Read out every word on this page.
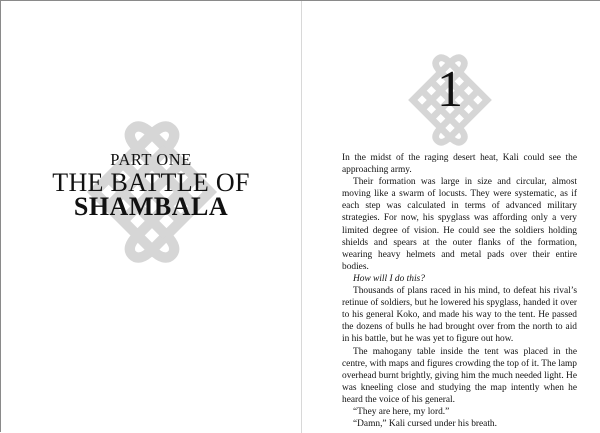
PART ONE
THE BATTLE OF
SHAMBALA
1

In the midst of the raging desert heat, Kali could see the approaching army.

Their formation was large in size and circular, almost moving like a swarm of locusts. They were systematic, as if each step was calculated in terms of advanced military strategies. For now, his spyglass was affording only a very limited degree of vision. He could see the soldiers holding shields and spears at the outer flanks of the formation, wearing heavy helmets and metal pads over their entire bodies.

How will I do this?

Thousands of plans raced in his mind, to defeat his rival’s retinue of soldiers, but he lowered his spyglass, handed it over to his general Koko, and made his way to the tent. He passed the dozens of bulls he had brought over from the north to aid in his battle, but he was yet to figure out how.

The mahogany table inside the tent was placed in the centre, with maps and figures crowding the top of it. The lamp overhead burnt brightly, giving him the much needed light. He was kneeling close and studying the map intently when he heard the voice of his general.

“They are here, my lord.”

“Damn,” Kali cursed under his breath.
